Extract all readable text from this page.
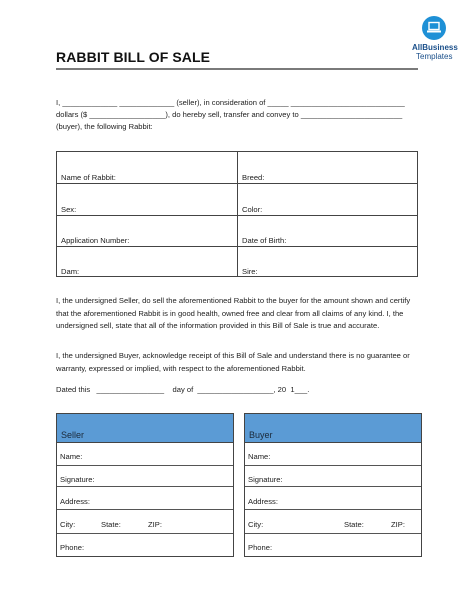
AllBusiness
Templates
RABBIT BILL OF SALE
I, _____________ _____________ (seller), in consideration of _____ ___________________________
dollars ($ __________________), do hereby sell, transfer and convey to ________________________
(buyer), the following Rabbit:
Name of Rabbit:	Breed:
Sex:	Color:
Application Number:	Date of Birth:
Dam:	Sire:
I, the undersigned Seller, do sell the aforementioned Rabbit to the buyer for the amount shown and certify that the aforementioned Rabbit is in good health, owned free and clear from all claims of any kind. I, the undersigned sell, state that all of the information provided in this Bill of Sale is true and accurate.
I, the undersigned Buyer, acknowledge receipt of this Bill of Sale and understand there is no guarantee or warranty, expressed or implied, with respect to the aforementioned Rabbit.
Dated this   ________________    day of  __________________, 20  1___.
Seller
Name:
Signature:
Address:
City:	State:	ZIP:
Phone:
Buyer
Name:
Signature:
Address:
City:	State:	ZIP:
Phone:
